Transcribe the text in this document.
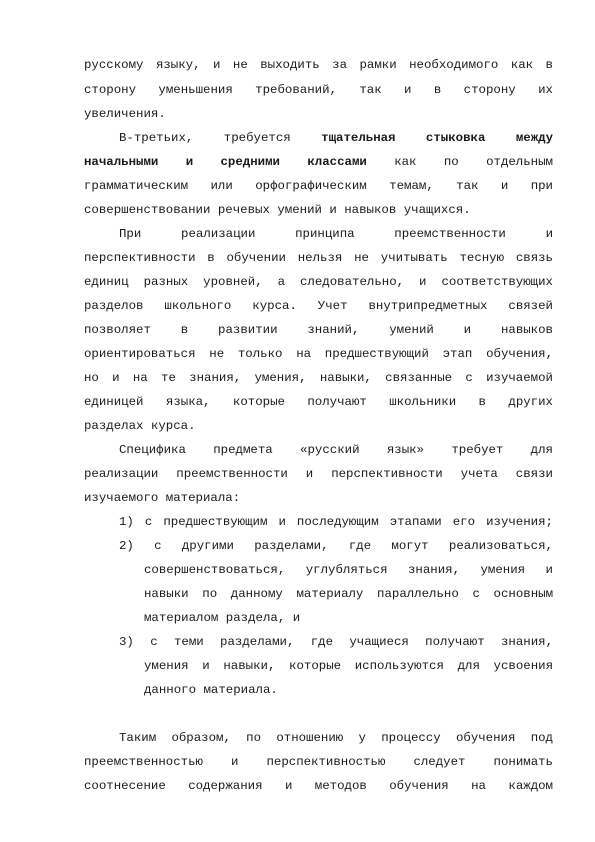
русскому языку, и не выходить за рамки необходимого как в
сторону уменьшения требований, так и в сторону их
увеличения.
В-третьих, требуется тщательная стыковка между
начальными и средними классами как по отдельным
грамматическим или орфографическим темам, так и при
совершенствовании речевых умений и навыков учащихся.
При реализации принципа преемственности и
перспективности в обучении нельзя не учитывать тесную связь
единиц разных уровней, а следовательно, и соответствующих
разделов школьного курса. Учет внутрипредметных связей
позволяет в развитии знаний, умений и навыков
ориентироваться не только на предшествующий этап обучения,
но и на те знания, умения, навыки, связанные с изучаемой
единицей языка, которые получают школьники в других
разделах курса.
Специфика предмета «русский язык» требует для
реализации преемственности и перспективности учета связи
изучаемого материала:
1) с предшествующим и последующим этапами его изучения;
2) с другими разделами, где могут реализоваться,
совершенствоваться, углубляться знания, умения и
навыки по данному материалу параллельно с основным
материалом раздела, и
3) с теми разделами, где учащиеся получают знания,
умения и навыки, которые используются для усвоения
данного материала.
Таким образом, по отношению у процессу обучения под
преемственностью и перспективностью следует понимать
соотнесение содержания и методов обучения на каждом
